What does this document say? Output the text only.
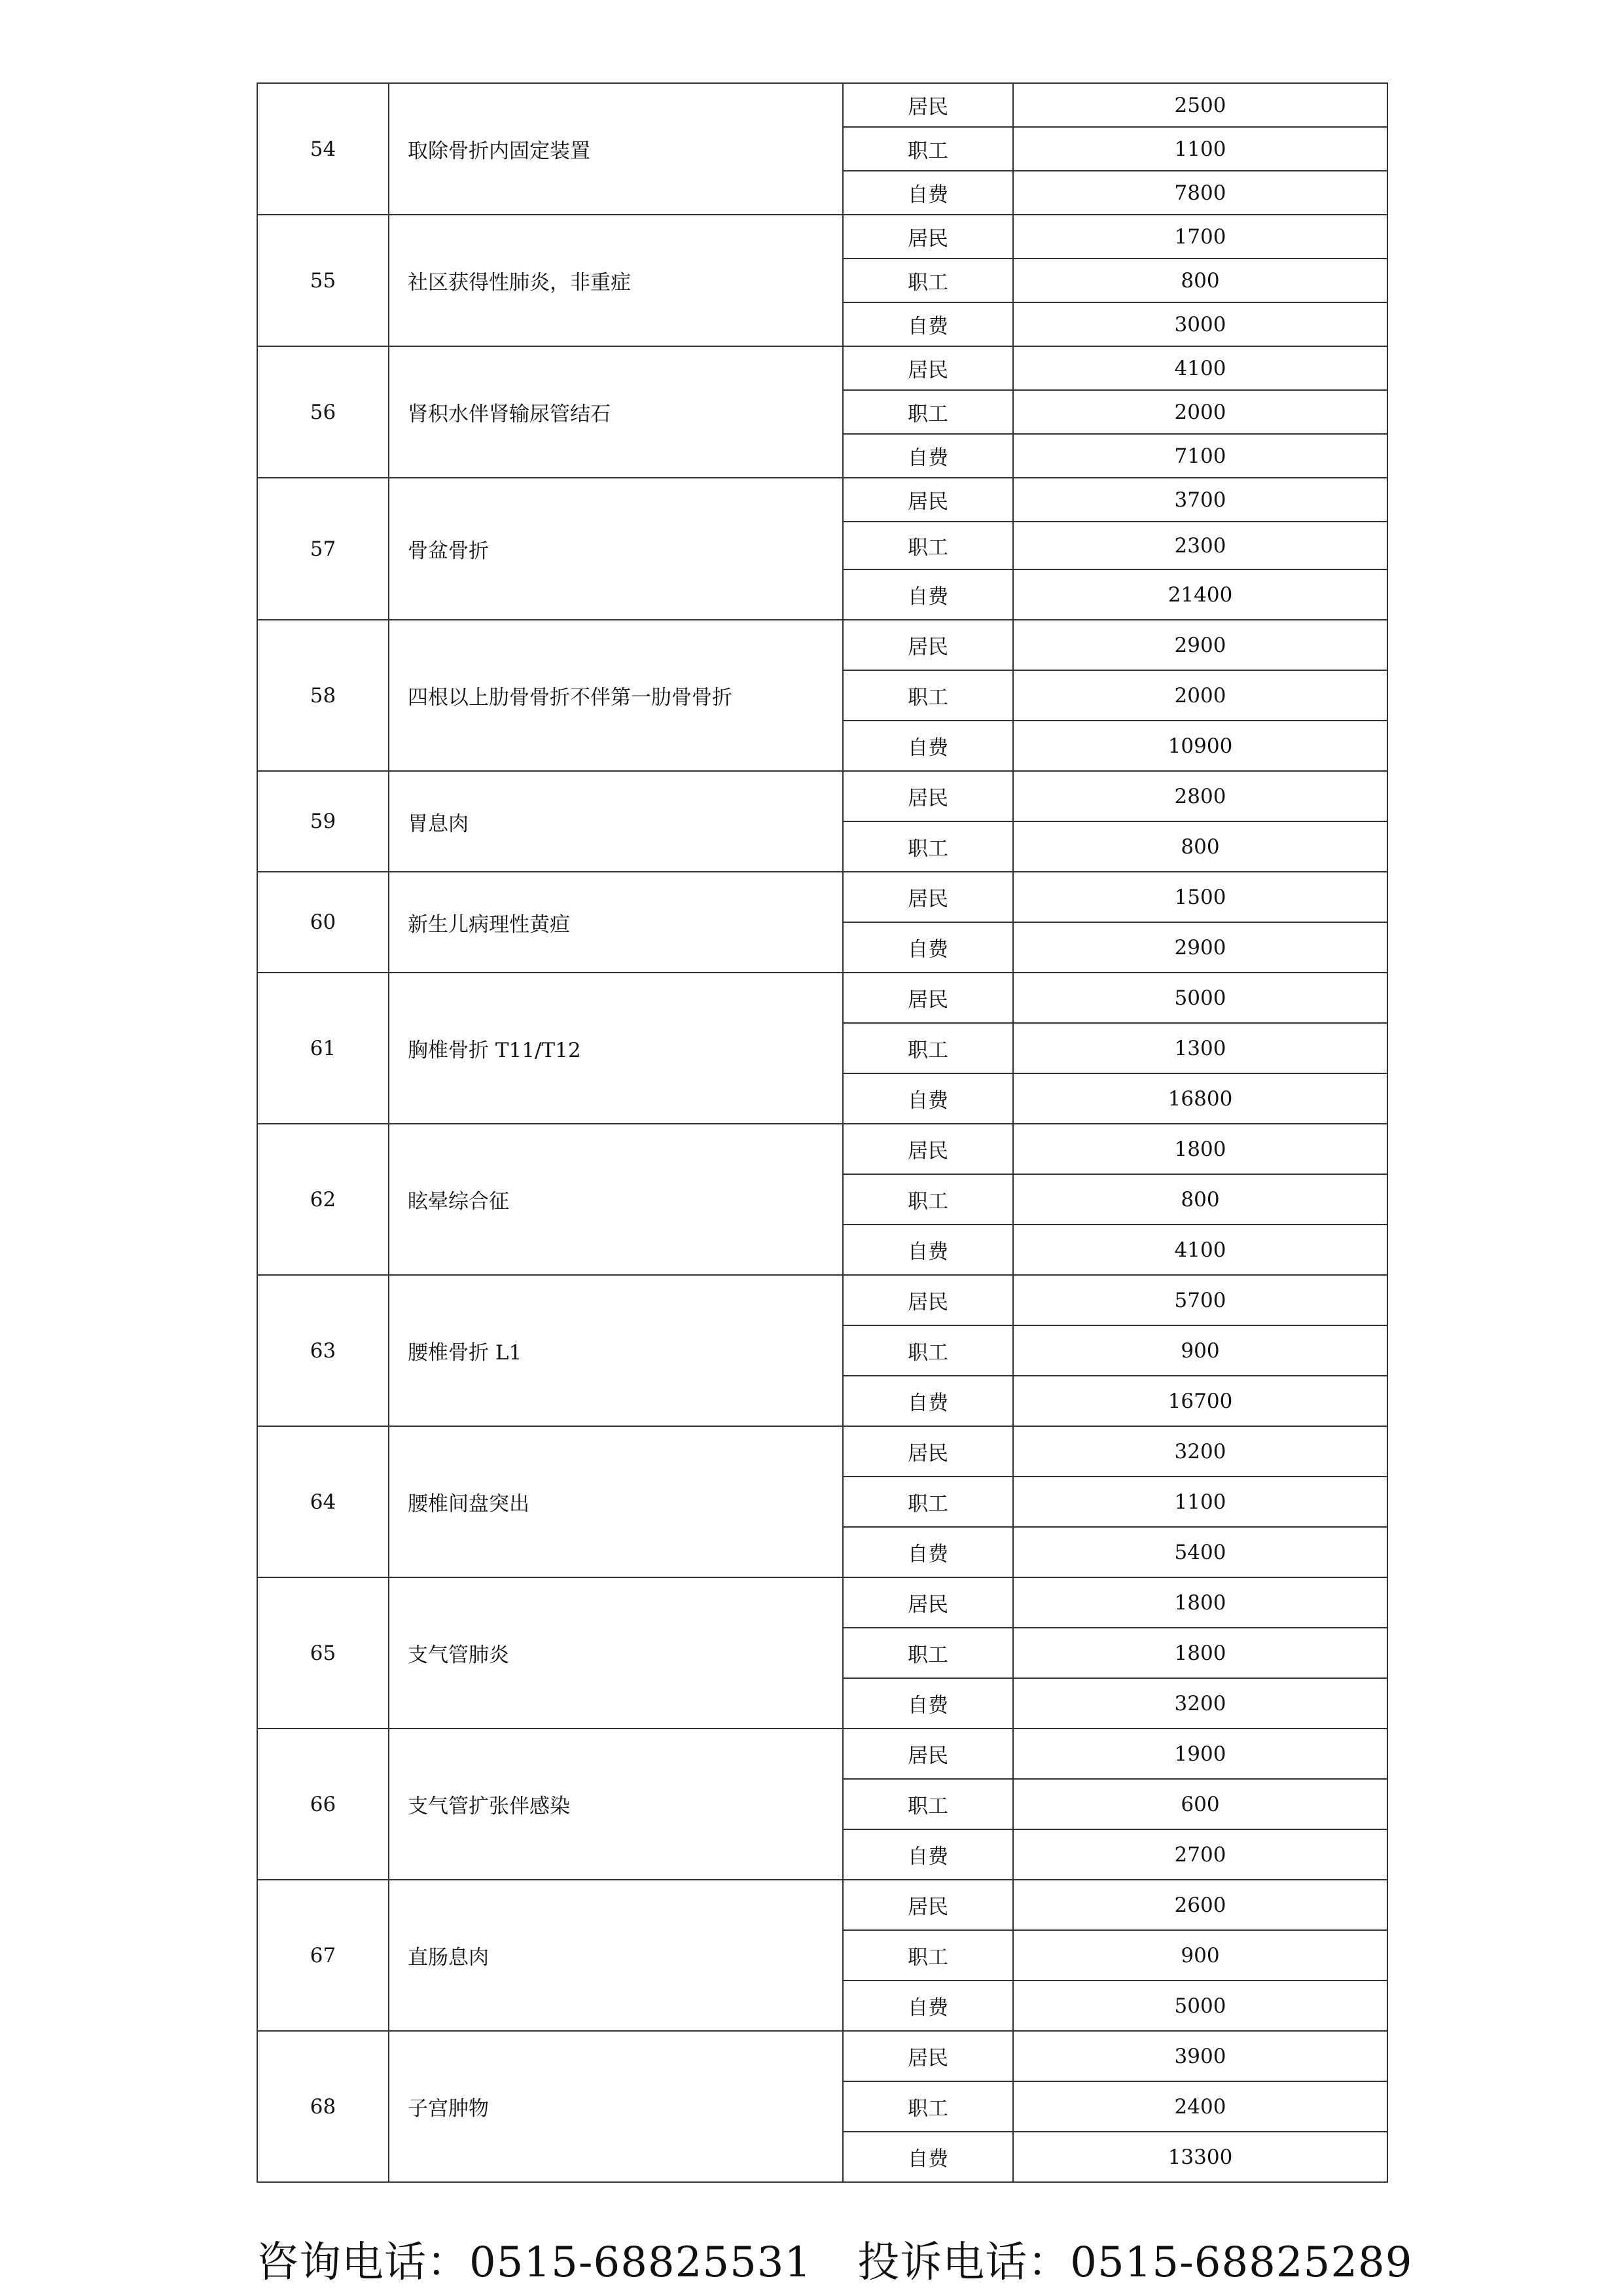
54	取除骨折内固定装置	居民	2500
		职工	1100
		自费	7800
55	社区获得性肺炎，非重症	居民	1700
		职工	800
		自费	3000
56	肾积水伴肾输尿管结石	居民	4100
		职工	2000
		自费	7100
57	骨盆骨折	居民	3700
		职工	2300
		自费	21400
58	四根以上肋骨骨折不伴第一肋骨骨折	居民	2900
		职工	2000
		自费	10900
59	胃息肉	居民	2800
		职工	800
60	新生儿病理性黄疸	居民	1500
		自费	2900
61	胸椎骨折 T11/T12	居民	5000
		职工	1300
		自费	16800
62	眩晕综合征	居民	1800
		职工	800
		自费	4100
63	腰椎骨折 L1	居民	5700
		职工	900
		自费	16700
64	腰椎间盘突出	居民	3200
		职工	1100
		自费	5400
65	支气管肺炎	居民	1800
		职工	1800
		自费	3200
66	支气管扩张伴感染	居民	1900
		职工	600
		自费	2700
67	直肠息肉	居民	2600
		职工	900
		自费	5000
68	子宫肿物	居民	3900
		职工	2400
		自费	13300
咨询电话：0515-68825531 投诉电话：0515-68825289
